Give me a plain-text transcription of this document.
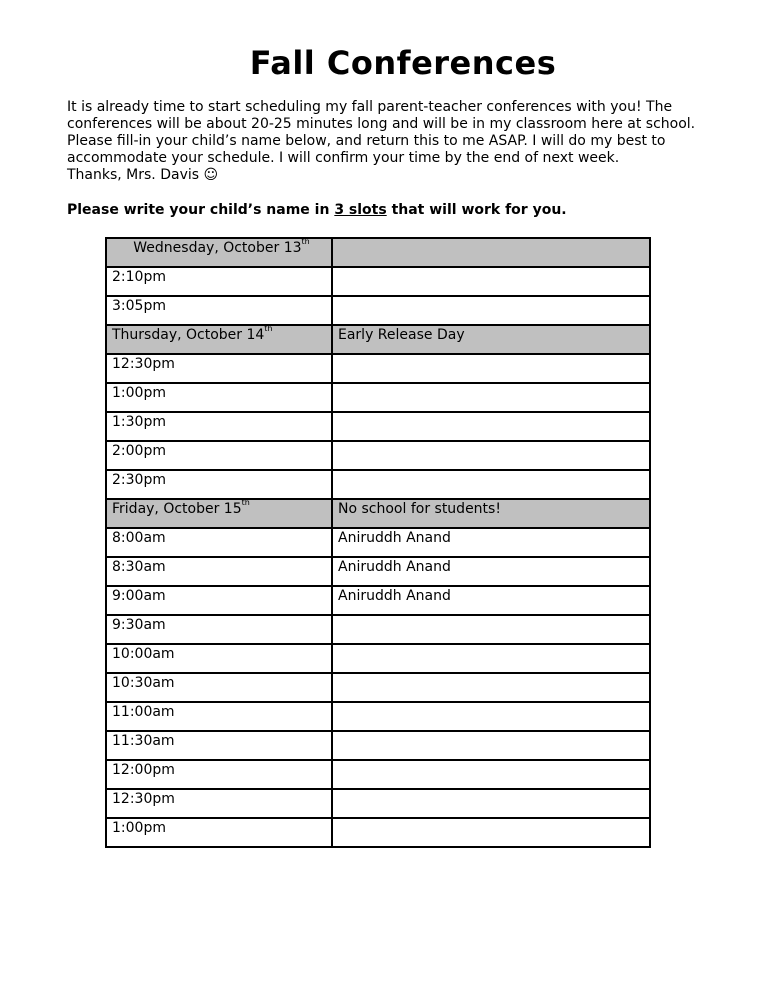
Fall Conferences
It is already time to start scheduling my fall parent-teacher conferences with you! The
conferences will be about 20-25 minutes long and will be in my classroom here at school.
Please fill-in your child’s name below, and return this to me ASAP. I will do my best to
accommodate your schedule. I will confirm your time by the end of next week.
Thanks, Mrs. Davis ☺
Please write your child’s name in 3 slots that will work for you.
Wednesday, October 13th	
2:10pm	
3:05pm	
Thursday, October 14th	Early Release Day
12:30pm	
1:00pm	
1:30pm	
2:00pm	
2:30pm	
Friday, October 15th	No school for students!
8:00am	Aniruddh Anand
8:30am	Aniruddh Anand
9:00am	Aniruddh Anand
9:30am	
10:00am	
10:30am	
11:00am	
11:30am	
12:00pm	
12:30pm	
1:00pm	
